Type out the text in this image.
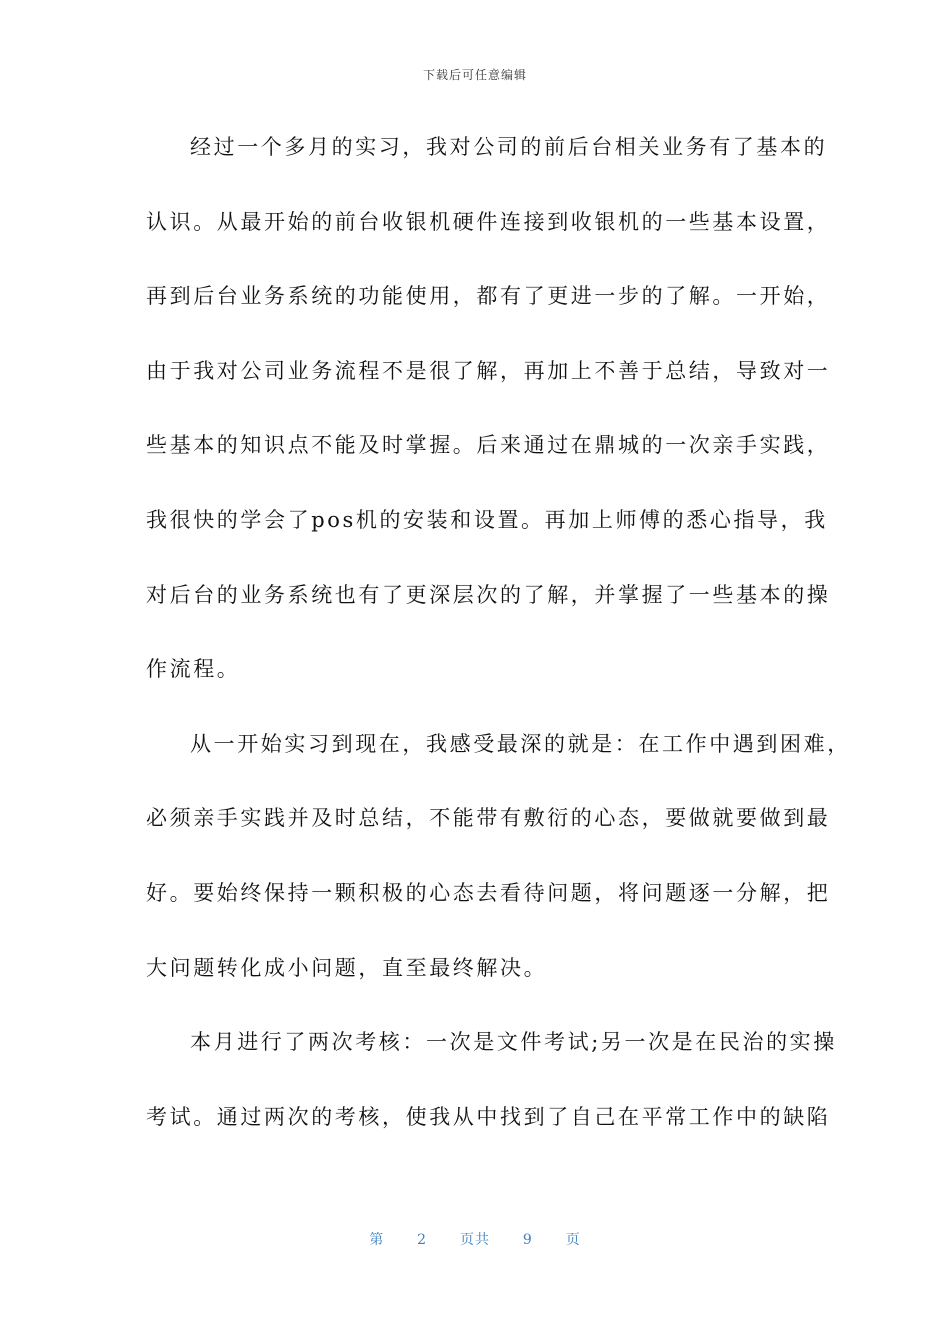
下载后可任意编辑
经过一个多月的实习，我对公司的前后台相关业务有了基本的
认识。从最开始的前台收银机硬件连接到收银机的一些基本设置，
再到后台业务系统的功能使用，都有了更进一步的了解。一开始，
由于我对公司业务流程不是很了解，再加上不善于总结，导致对一
些基本的知识点不能及时掌握。后来通过在鼎城的一次亲手实践，
我很快的学会了pos机的安装和设置。再加上师傅的悉心指导，我
对后台的业务系统也有了更深层次的了解，并掌握了一些基本的操
作流程。
从一开始实习到现在，我感受最深的就是：在工作中遇到困难，
必须亲手实践并及时总结，不能带有敷衍的心态，要做就要做到最
好。要始终保持一颗积极的心态去看待问题，将问题逐一分解，把
大问题转化成小问题，直至最终解决。
本月进行了两次考核：一次是文件考试;另一次是在民治的实操
考试。通过两次的考核，使我从中找到了自己在平常工作中的缺陷
第 2 页共 9 页
